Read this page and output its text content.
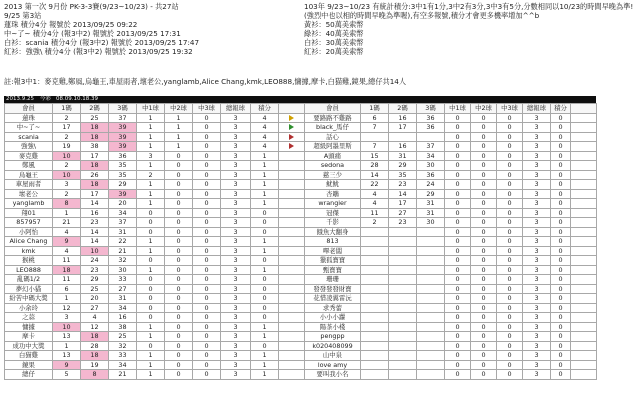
2013 第一次 9月份 PK-3-3賽(9/23~10/23) - 共27站
9/25 第3站
蓮珠 積分4分 報號於 2013/09/25 09:22
中~了~ 積分4分 (報3中2) 報號於 2013/09/25 17:31
白衫：scania 積分4分 (報3中2) 報號於 2013/09/25 17:47
紅衫：強強\ 積分4分 (報3中2) 報號於 2013/09/25 19:32
103年 9/23~10/23 有統計積分:3中1有1分,3中2有3分,3中3有5分,分數相同以10/23的時間早晚為準!
(強烈中也以相的時間早晚為準喔),有空多報號,積分才會更多機率增加^^b
黃衫：50萬美索幣
綠衫：40萬美索幣
白衫：30萬美索幣
紅衫：20萬美索幣
註:報3中1：麥克雞,鄭風,烏龜王,車屋雨者,壞老公,yanglamb,Alice Chang,kmk,LEO888,慵據,摩卡,白猫雞,鏡果,總仔共14人
2013.9.25 今彩 08.09.10.18.39
會員	1碼	2碼	3碼	中1球	中2球	中3球	總報球	積分	
蓮珠	2	25	37	1	1	0	3	4	
中~了~	17	18	39	1	1	0	3	4	
scania	2	18	39	1	1	0	3	4	
強強\	19	38	39	1	1	0	3	4	
麥克雞	10	17	36	3	0	0	3	1	
鄭風	2	18	35	1	0	0	3	1	
烏龜王	10	26	35	2	0	0	3	1	
車屋雨者	3	18	29	1	0	0	3	1	
壞老公	2	17	39	1	0	0	3	1	
yanglamb	8	14	20	1	0	0	3	1	
翔01	1	16	34	0	0	0	3	0	
857957	21	23	37	0	0	0	3	0	
小阿怡	4	14	31	0	0	0	3	0	
Alice Chang	9	14	22	1	0	0	3	1	
kmk	4	10	21	1	0	0	3	1	
猴桃	11	24	32	0	0	0	3	0	
LEO888	18	23	30	1	0	0	3	1	
亂碼1/2	11	29	33	0	0	0	3	0	
夢幻小貓	6	25	27	0	0	0	3	0	
紛苦中碼大獎	1	20	31	0	0	0	3	0	
小余玲	12	27	34	0	0	0	3	0	
之蒜	3	4	16	0	0	0	3	0	
慵據	10	12	38	1	0	0	3	1	
摩卡	13	18	25	1	0	0	3	1	
成功中大獎	1	28	32	0	0	0	3	0	
白猫雞	13	18	33	1	0	0	3	1	
鏡果	9	19	34	1	0	0	3	1	
總仔	5	8	21	1	0	0	3	1	
會員	1碼	2碼	3碼	中1球	中2球	中3球	總報球	積分	
要路路不雞路	6	16	36	0	0	0	3	0	
black_馬仔	7	17	36	0	0	0	3	0	
話心				0	0	0	3	0	
超級阿墨里斯	7	16	37	0	0	0	3	0	
A頭痛	15	31	34	0	0	0	3	0	
sedona	28	29	30	0	0	0	3	0	
慈三少	14	35	36	0	0	0	3	0	
魷魷	22	23	24	0	0	0	3	0	
杏鵰	4	14	29	0	0	0	3	0	
wrangier	4	17	31	0	0	0	3	0	
冠傑	11	27	31	0	0	0	3	0	
千影	2	23	30	0	0	0	3	0	
餓魚大翻身				0	0	0	3	0	
813				0	0	0	3	0	
嗶老闆				0	0	0	3	0	
獵狐寶寶				0	0	0	3	0	
甄寶寶				0	0	0	3	0	
珊珊				0	0	0	3	0	
發發發發財寶				0	0	0	3	0	
花惜凌翼雷沅				0	0	0	3	0	
求秀蕾				0	0	0	3	0	
小小小蘿				0	0	0	3	0	
陽茶小棧				0	0	0	3	0	
pengpp				0	0	0	3	0	
k020408099				0	0	0	3	0	
山中泉				0	0	0	3	0	
love amy				0	0	0	3	0	
要叫我小名				0	0	0	3	0	
